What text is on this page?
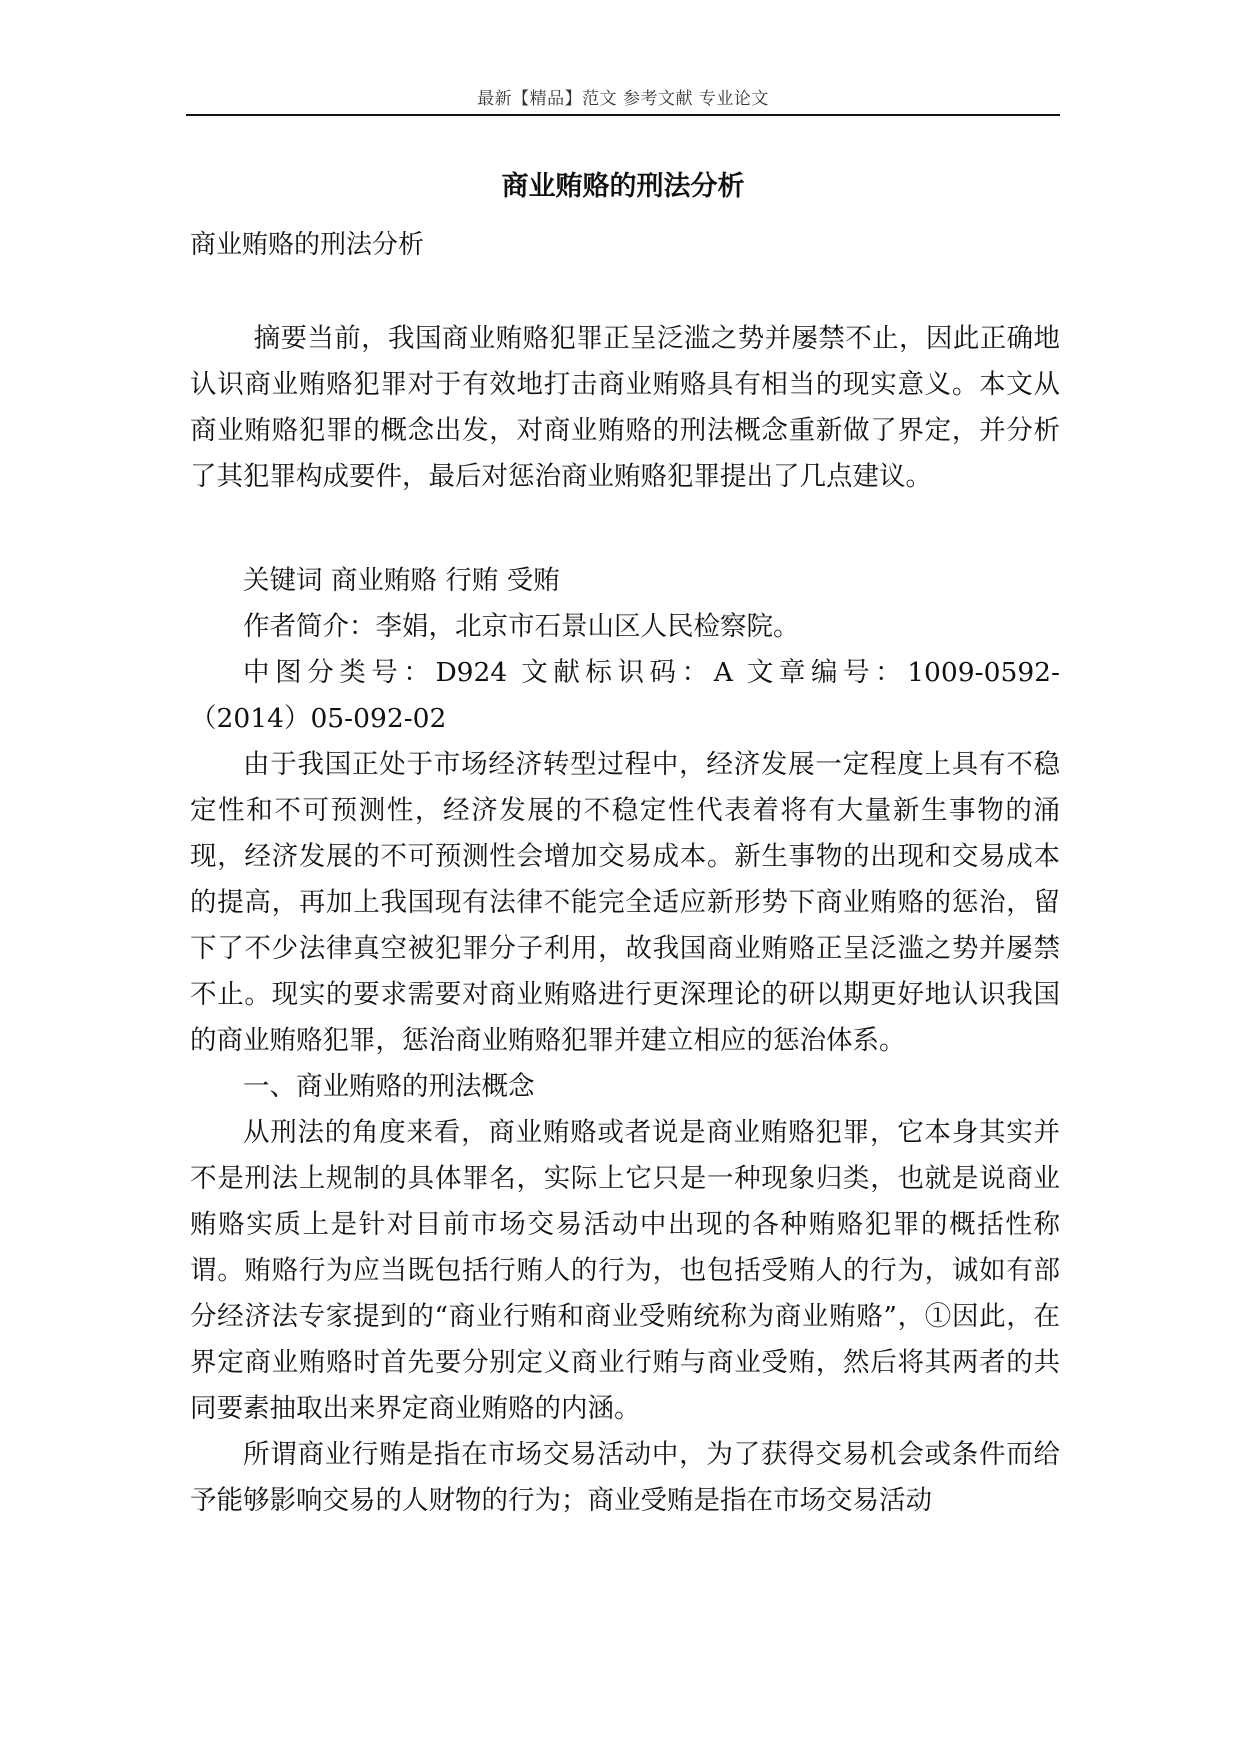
最新【精品】范文 参考文献 专业论文
商业贿赂的刑法分析
商业贿赂的刑法分析

摘要当前，我国商业贿赂犯罪正呈泛滥之势并屡禁不止，因此正确地认识商业贿赂犯罪对于有效地打击商业贿赂具有相当的现实意义。本文从商业贿赂犯罪的概念出发，对商业贿赂的刑法概念重新做了界定，并分析了其犯罪构成要件，最后对惩治商业贿赂犯罪提出了几点建议。

关键词 商业贿赂 行贿 受贿

作者简介：李娟，北京市石景山区人民检察院。

中图分类号：D924 文献标识码：A 文章编号：1009-0592-（2014）05-092-02

由于我国正处于市场经济转型过程中，经济发展一定程度上具有不稳定性和不可预测性，经济发展的不稳定性代表着将有大量新生事物的涌现，经济发展的不可预测性会增加交易成本。新生事物的出现和交易成本的提高，再加上我国现有法律不能完全适应新形势下商业贿赂的惩治，留下了不少法律真空被犯罪分子利用，故我国商业贿赂正呈泛滥之势并屡禁不止。现实的要求需要对商业贿赂进行更深理论的研以期更好地认识我国的商业贿赂犯罪，惩治商业贿赂犯罪并建立相应的惩治体系。

一、商业贿赂的刑法概念

从刑法的角度来看，商业贿赂或者说是商业贿赂犯罪，它本身其实并不是刑法上规制的具体罪名，实际上它只是一种现象归类，也就是说商业贿赂实质上是针对目前市场交易活动中出现的各种贿赂犯罪的概括性称谓。贿赂行为应当既包括行贿人的行为，也包括受贿人的行为，诚如有部分经济法专家提到的“商业行贿和商业受贿统称为商业贿赂”，①因此，在界定商业贿赂时首先要分别定义商业行贿与商业受贿，然后将其两者的共同要素抽取出来界定商业贿赂的内涵。

所谓商业行贿是指在市场交易活动中，为了获得交易机会或条件而给予能够影响交易的人财物的行为；商业受贿是指在市场交易活动
